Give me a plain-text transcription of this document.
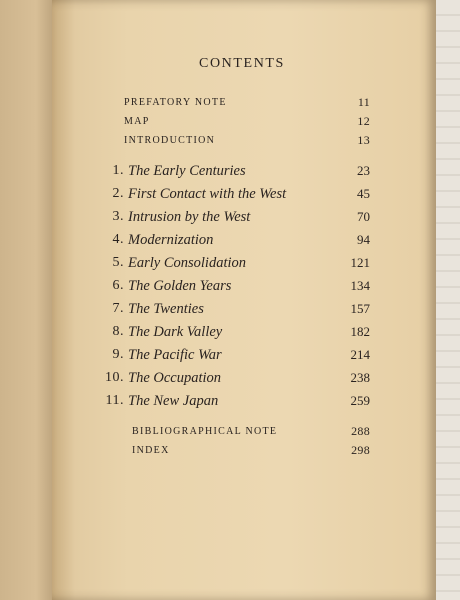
CONTENTS
PREFATORY NOTE	11
MAP	12
INTRODUCTION	13
1. The Early Centuries	23
2. First Contact with the West	45
3. Intrusion by the West	70
4. Modernization	94
5. Early Consolidation	121
6. The Golden Years	134
7. The Twenties	157
8. The Dark Valley	182
9. The Pacific War	214
10. The Occupation	238
11. The New Japan	259
BIBLIOGRAPHICAL NOTE	288
INDEX	298
